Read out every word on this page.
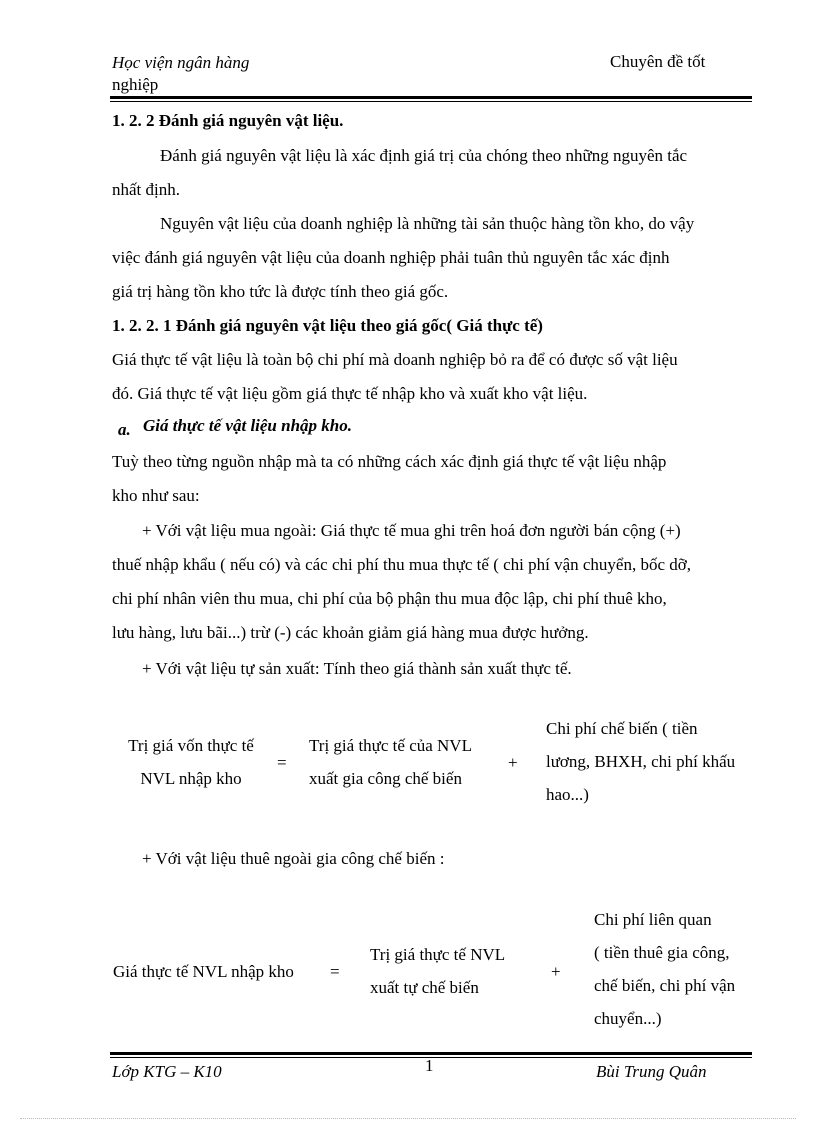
Học viện ngân hàng
nghiệp
Chuyên đề tốt
1. 2. 2 Đánh giá nguyên vật liệu.
Đánh giá nguyên vật liệu là xác định giá trị của chóng theo những nguyên tắc
nhất định.
Nguyên vật liệu của doanh nghiệp là những tài sản thuộc hàng tồn kho, do vậy
việc đánh giá nguyên vật liệu của doanh nghiệp phải tuân thủ nguyên tắc xác định
giá trị hàng tồn kho tức là được tính theo giá gốc.
1. 2. 2. 1 Đánh giá nguyên vật liệu theo giá gốc( Giá thực tế)
Giá thực tế vật liệu là toàn bộ chi phí mà doanh nghiệp bỏ ra để có được số vật liệu
đó. Giá thực tế vật liệu gồm giá thực tế nhập kho và xuất kho vật liệu.
a. Giá thực tế vật liệu nhập kho.
Tuỳ theo từng nguồn nhập mà ta có những cách xác định giá thực tế vật liệu nhập
kho như sau:
+ Với vật liệu mua ngoài: Giá thực tế mua ghi trên hoá đơn người bán cộng (+)
thuế nhập khẩu ( nếu có) và các chi phí thu mua thực tế ( chi phí vận chuyển, bốc dỡ,
chi phí nhân viên thu mua, chi phí của bộ phận thu mua độc lập, chi phí thuê kho,
lưu hàng, lưu bãi...) trừ (-) các khoản giảm giá hàng mua được hưởng.
+ Với vật liệu tự sản xuất: Tính theo giá thành sản xuất thực tế.
Trị giá vốn thực tế
NVL nhập kho
=
Trị giá thực tế của NVL
xuất gia công chế biến
+
Chi phí chế biến ( tiền
lương, BHXH, chi phí khấu
hao...)
+ Với vật liệu thuê ngoài gia công chế biến :
Giá thực tế NVL nhập kho =
Trị giá thực tế NVL
xuất tự chế biến
+
Chi phí liên quan
( tiền thuê gia công,
chế biến, chi phí vận
chuyển...)
Lớp KTG – K10	1	Bùi Trung Quân
